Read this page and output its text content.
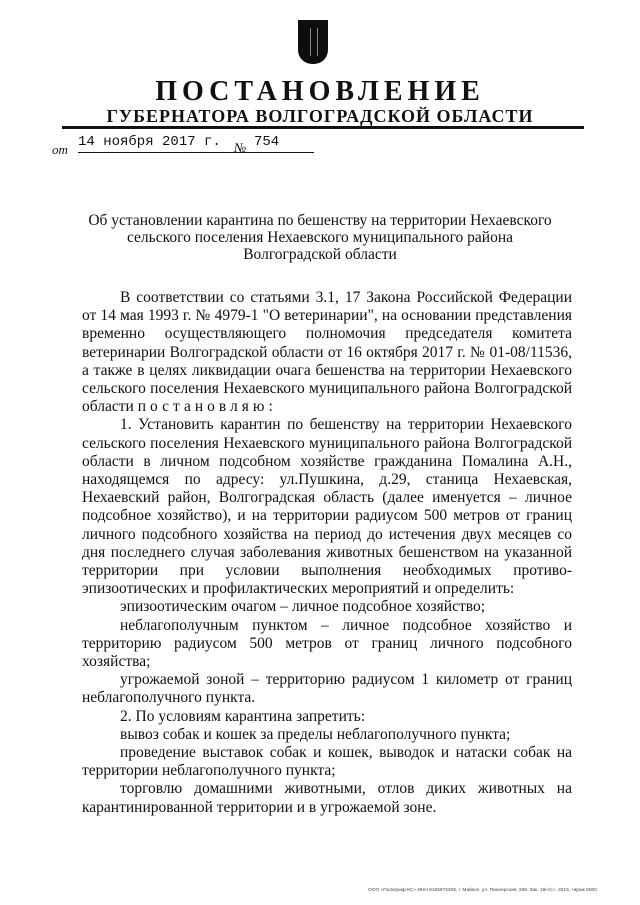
ПОСТАНОВЛЕНИЕ
ГУБЕРНАТОРА ВОЛГОГРАДСКОЙ ОБЛАСТИ
от 14 ноября 2017 г.	№ 754
Об установлении карантина по бешенству на территории Нехаевского
сельского поселения Нехаевского муниципального района
Волгоградской области

В соответствии со статьями 3.1, 17 Закона Российской Федерации от 14 мая 1993 г. № 4979-1 "О ветеринарии", на основании представления временно осуществляющего полномочия председателя комитета ветеринарии Волгоградской области от 16 октября 2017 г. № 01-08/11536, а также в целях ликвидации очага бешенства на территории Нехаевского сельского поселения Нехаевского муниципального района Волгоградской области постановляю:

1. Установить карантин по бешенству на территории Нехаевского сельского поселения Нехаевского муниципального района Волгоградской области в личном подсобном хозяйстве гражданина Помалина А.Н., находящемся по адресу: ул.Пушкина, д.29, станица Нехаевская, Нехаевский район, Волгоградская область (далее именуется – личное подсобное хозяйство), и на территории радиусом 500 метров от границ личного подсобного хозяйства на период до истечения двух месяцев со дня последнего случая заболевания животных бешенством на указанной территории при условии выполнения необходимых противо-эпизоотических и профилактических мероприятий и определить:

эпизоотическим очагом – личное подсобное хозяйство;

неблагополучным пунктом – личное подсобное хозяйство и территорию радиусом 500 метров от границ личного подсобного хозяйства;

угрожаемой зоной – территорию радиусом 1 километр от границ неблагополучного пункта.

2. По условиям карантина запретить:

вывоз собак и кошек за пределы неблагополучного пункта;

проведение выставок собак и кошек, выводок и натаски собак на территории неблагополучного пункта;

торговлю домашними животными, отлов диких животных на карантинированной территории и в угрожаемой зоне.

ООО «Полиграф-КС» ИНН 6165972309, г. Майкоп, ул. Пионерская, 268. Зак. 19/«С», 2015, тираж 5000
